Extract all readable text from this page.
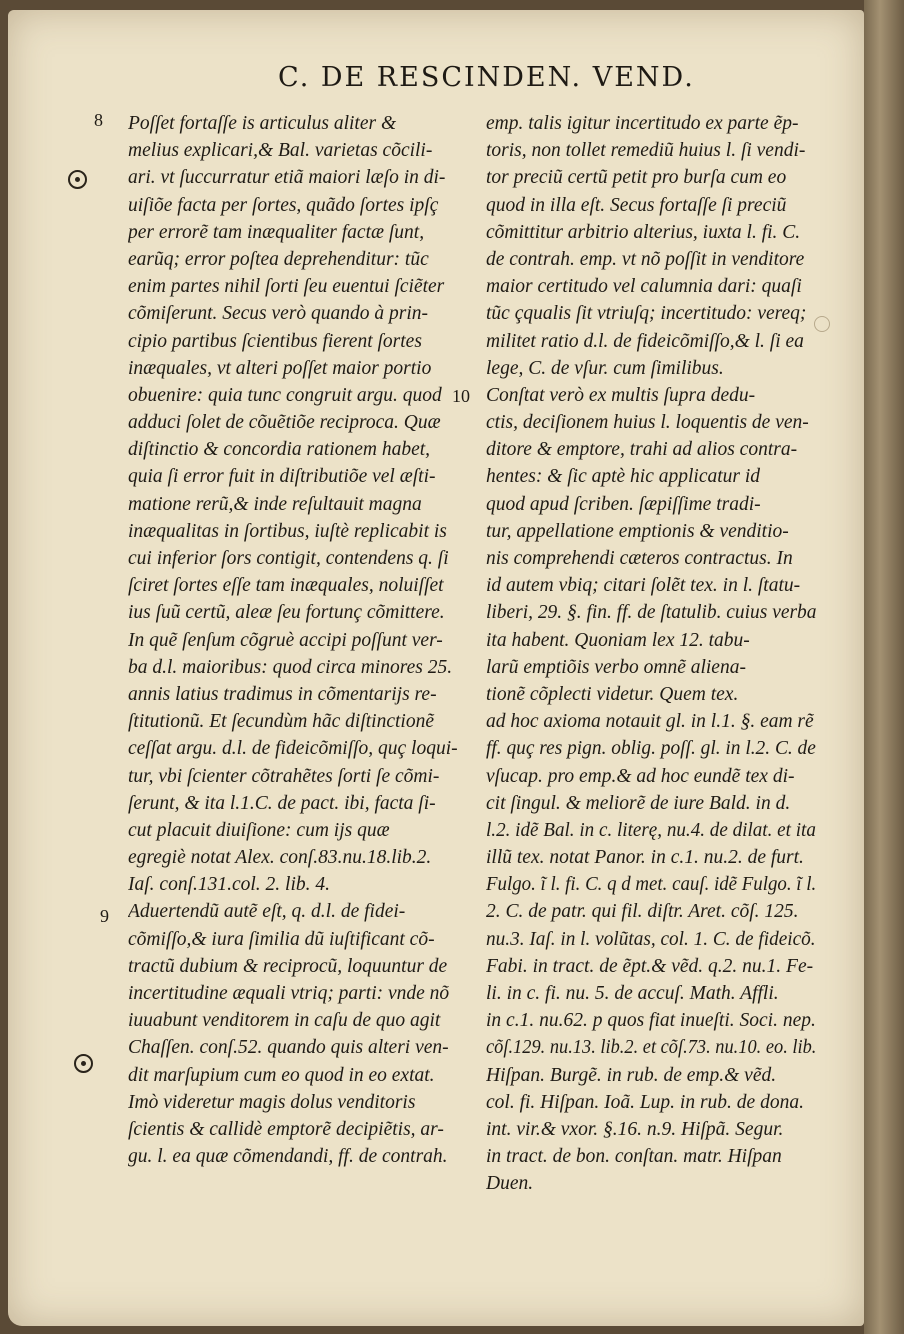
C. DE RESCINDEN. VEND.
8
9
10
Poſſet fortaſſe is articulus aliter &
melius explicari,& Bal. varietas cõcili-
ari. vt ſuccurratur etiã maiori læſo in di-
uiſiõe facta per ſortes, quãdo ſortes ipſç
per errorẽ tam inæqualiter factæ ſunt,
earũq; error poſtea deprehenditur: tũc
enim partes nihil ſorti ſeu euentui ſciẽter
cõmiſerunt. Secus verò quando à prin-
cipio partibus ſcientibus fierent ſortes
inæquales, vt alteri poſſet maior portio
obuenire: quia tunc congruit argu. quod
adduci ſolet de cõuẽtiõe reciproca. Quæ
diſtinctio & concordia rationem habet,
quia ſi error fuit in diſtributiõe vel æſti-
matione rerũ,& inde reſultauit magna
inæqualitas in ſortibus, iuſtè replicabit is
cui inferior ſors contigit, contendens q. ſi
ſciret ſortes eſſe tam inæquales, noluiſſet
ius ſuũ certũ, aleæ ſeu fortunç cõmittere.
In quẽ ſenſum cõgruè accipi poſſunt ver-
ba d.l. maioribus: quod circa minores 25.
annis latius tradimus in cõmentarijs re-
ſtitutionũ. Et ſecundùm hãc diſtinctionẽ
ceſſat argu. d.l. de fideicõmiſſo, quç loqui-
tur, vbi ſcienter cõtrahẽtes ſorti ſe cõmi-
ſerunt, & ita l.1.C. de pact. ibi, facta ſi-
cut placuit diuiſione: cum ijs quæ
egregiè notat Alex. conſ.83.nu.18.lib.2.
Iaſ. conſ.131.col. 2. lib. 4.
Aduertendũ autẽ eſt, q. d.l. de fidei-
cõmiſſo,& iura ſimilia dũ iuſtificant cõ-
tractũ dubium & reciprocũ, loquuntur de
incertitudine æquali vtriq; parti: vnde nõ
iuuabunt venditorem in caſu de quo agit
Chaſſen. conſ.52. quando quis alteri ven-
dit marſupium cum eo quod in eo extat.
Imò videretur magis dolus venditoris
ſcientis & callidè emptorẽ decipiẽtis, ar-
gu. l. ea quæ cõmendandi, ff. de contrah.
emp. talis igitur incertitudo ex parte ẽp-
toris, non tollet remediũ huius l. ſi vendi-
tor preciũ certũ petit pro burſa cum eo
quod in illa eſt. Secus fortaſſe ſi preciũ
cõmittitur arbitrio alterius, iuxta l. fi. C.
de contrah. emp. vt nõ poſſit in venditore
maior certitudo vel calumnia dari: quaſi
tũc çqualis ſit vtriuſq; incertitudo: vereq;
militet ratio d.l. de fideicõmiſſo,& l. ſi ea
lege, C. de vſur. cum ſimilibus.
Conſtat verò ex multis ſupra dedu-
ctis, deciſionem huius l. loquentis de ven-
ditore & emptore, trahi ad alios contra-
hentes: & ſic aptè hic applicatur id
quod apud ſcriben. ſæpiſſime tradi-
tur, appellatione emptionis & venditio-
nis comprehendi cæteros contractus. In
id autem vbiq; citari ſolẽt tex. in l. ſtatu-
liberi, 29. §. fin. ff. de ſtatulib. cuius verba
ita habent. Quoniam lex 12. tabu-
larũ emptiõis verbo omnẽ aliena-
tionẽ cõplecti videtur. Quem tex.
ad hoc axioma notauit gl. in l.1. §. eam rẽ
ff. quç res pign. oblig. poſſ. gl. in l.2. C. de
vſucap. pro emp.& ad hoc eundẽ tex di-
cit ſingul. & meliorẽ de iure Bald. in d.
l.2. idẽ Bal. in c. literę, nu.4. de dilat. et ita
illũ tex. notat Panor. in c.1. nu.2. de furt.
Fulgo. ĩ l. fi. C. q d met. cauſ. idẽ Fulgo. ĩ l.
2. C. de patr. qui fil. diſtr. Aret. cõſ. 125.
nu.3. Iaſ. in l. volũtas, col. 1. C. de fideicõ.
Fabi. in tract. de ẽpt.& vẽd. q.2. nu.1. Fe-
li. in c. fi. nu. 5. de accuſ. Math. Affli.
in c.1. nu.62. p quos fiat inueſti. Soci. nep.
cõſ.129. nu.13. lib.2. et cõſ.73. nu.10. eo. lib.
Hiſpan. Burgẽ. in rub. de emp.& vẽd.
col. fi. Hiſpan. Ioã. Lup. in rub. de dona.
int. vir.& vxor. §.16. n.9. Hiſpã. Segur.
in tract. de bon. conſtan. matr. Hiſpan
Duen.
